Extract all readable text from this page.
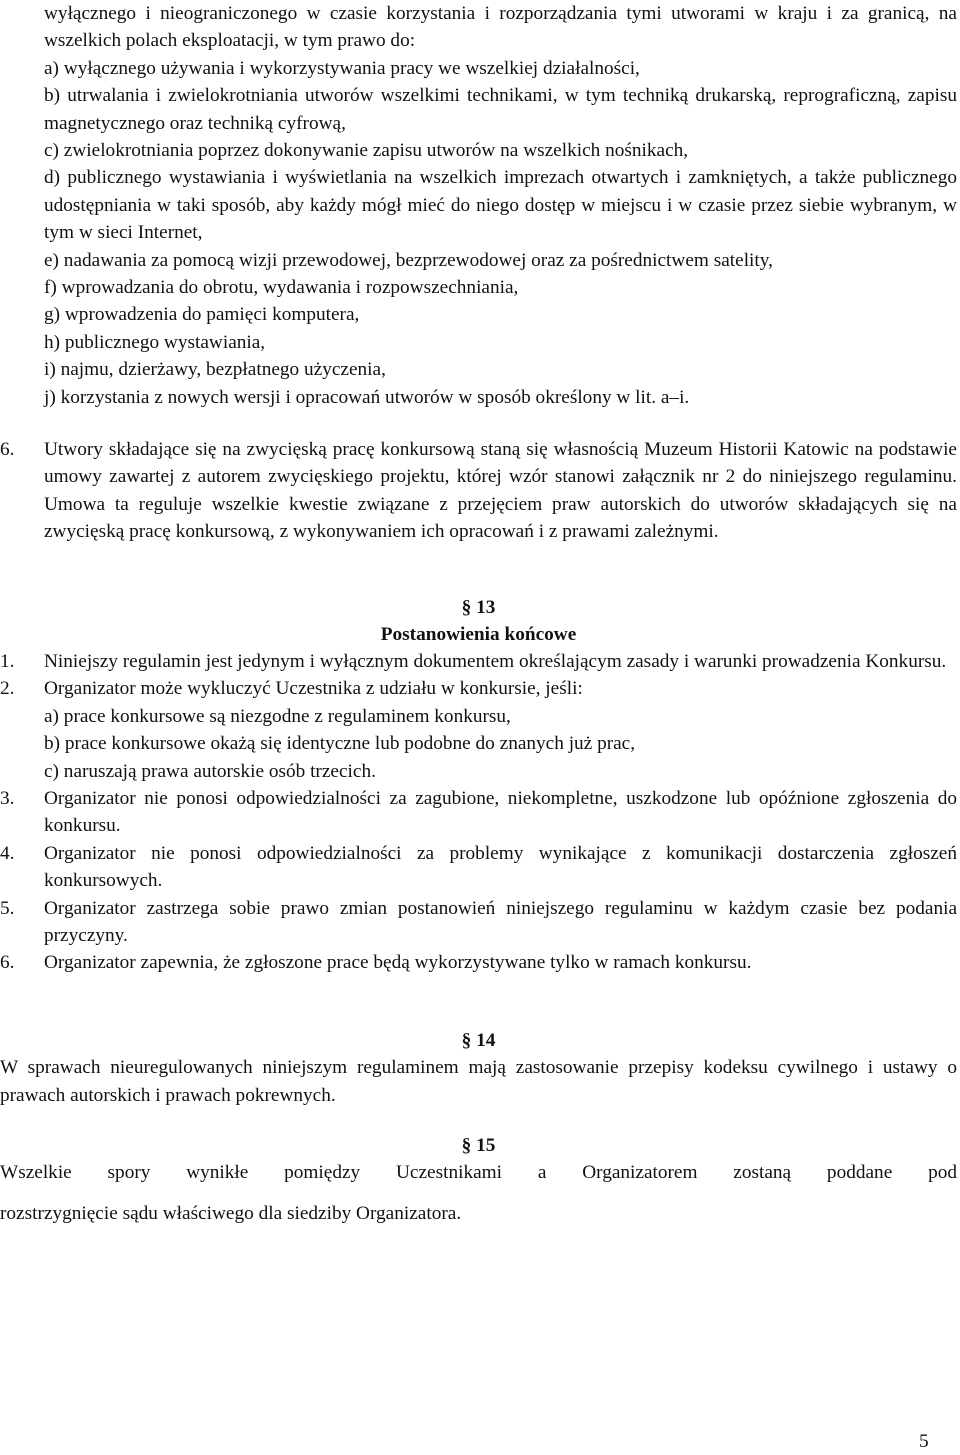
wyłącznego i nieograniczonego w czasie korzystania i rozporządzania tymi utworami w kraju i za granicą, na wszelkich polach eksploatacji, w tym prawo do:

a) wyłącznego używania i wykorzystywania pracy we wszelkiej działalności,

b) utrwalania i zwielokrotniania utworów wszelkimi technikami, w tym techniką drukarską, reprograficzną, zapisu magnetycznego oraz techniką cyfrową,

c) zwielokrotniania poprzez dokonywanie zapisu utworów na wszelkich nośnikach,

d) publicznego wystawiania i wyświetlania na wszelkich imprezach otwartych i zamkniętych, a także publicznego udostępniania w taki sposób, aby każdy mógł mieć do niego dostęp w miejscu i w czasie przez siebie wybranym, w tym w sieci Internet,

e) nadawania za pomocą wizji przewodowej, bezprzewodowej oraz za pośrednictwem satelity,

f) wprowadzania do obrotu, wydawania i rozpowszechniania,

g) wprowadzenia do pamięci komputera,

h) publicznego wystawiania,

i) najmu, dzierżawy, bezpłatnego użyczenia,

j) korzystania z nowych wersji i opracowań utworów w sposób określony w lit. a–i.

6. Utwory składające się na zwycięską pracę konkursową staną się własnością Muzeum Historii Katowic na podstawie umowy zawartej z autorem zwycięskiego projektu, której wzór stanowi załącznik nr 2 do niniejszego regulaminu. Umowa ta reguluje wszelkie kwestie związane z przejęciem praw autorskich do utworów składających się na zwycięską pracę konkursową, z wykonywaniem ich opracowań i z prawami zależnymi.

§ 13

Postanowienia końcowe

1. Niniejszy regulamin jest jedynym i wyłącznym dokumentem określającym zasady i warunki prowadzenia Konkursu.
2. Organizator może wykluczyć Uczestnika z udziału w konkursie, jeśli:

a) prace konkursowe są niezgodne z regulaminem konkursu,

b) prace konkursowe okażą się identyczne lub podobne do znanych już prac,

c) naruszają prawa autorskie osób trzecich.

3. Organizator nie ponosi odpowiedzialności za zagubione, niekompletne, uszkodzone lub opóźnione zgłoszenia do konkursu.
4. Organizator nie ponosi odpowiedzialności za problemy wynikające z komunikacji dostarczenia zgłoszeń konkursowych.
5. Organizator zastrzega sobie prawo zmian postanowień niniejszego regulaminu w każdym czasie bez podania przyczyny.
6. Organizator zapewnia, że zgłoszone prace będą wykorzystywane tylko w ramach konkursu.

§ 14

W sprawach nieuregulowanych niniejszym regulaminem mają zastosowanie przepisy kodeksu cywilnego i ustawy o prawach autorskich i prawach pokrewnych.

§ 15

Wszelkie spory wynikłe pomiędzy Uczestnikami a Organizatorem zostaną poddane pod

rozstrzygnięcie sądu właściwego dla siedziby Organizatora.

5
